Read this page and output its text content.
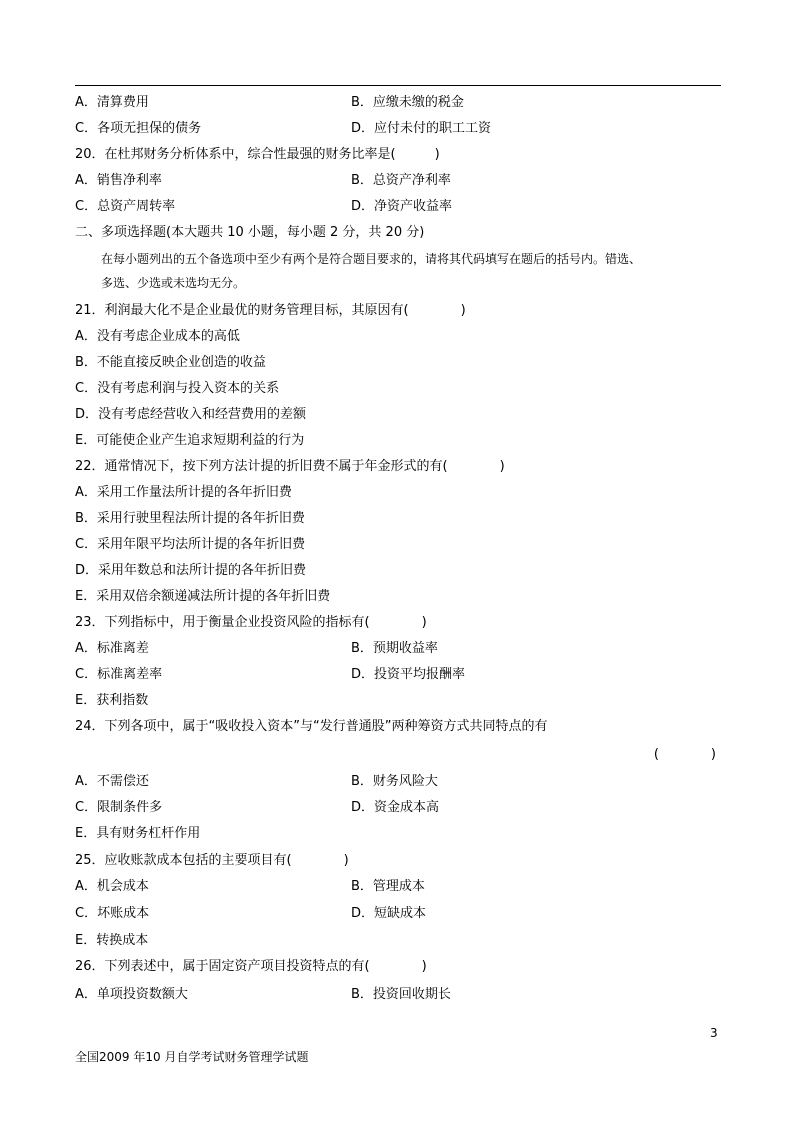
A．清算费用	B．应缴未缴的税金
C．各项无担保的债务	D．应付未付的职工工资
20．在杜邦财务分析体系中，综合性最强的财务比率是(　　　)
A．销售净利率	B．总资产净利率
C．总资产周转率	D．净资产收益率
二、多项选择题(本大题共 10 小题，每小题 2 分，共 20 分)
在每小题列出的五个备选项中至少有两个是符合题目要求的，请将其代码填写在题后的括号内。错选、
多选、少选或未选均无分。
21．利润最大化不是企业最优的财务管理目标，其原因有(　　　　)
A．没有考虑企业成本的高低
B．不能直接反映企业创造的收益
C．没有考虑利润与投入资本的关系
D．没有考虑经营收入和经营费用的差额
E．可能使企业产生追求短期利益的行为
22．通常情况下，按下列方法计提的折旧费不属于年金形式的有(　　　　)
A．采用工作量法所计提的各年折旧费
B．采用行驶里程法所计提的各年折旧费
C．采用年限平均法所计提的各年折旧费
D．采用年数总和法所计提的各年折旧费
E．采用双倍余额递减法所计提的各年折旧费
23．下列指标中，用于衡量企业投资风险的指标有(　　　　)
A．标准离差	B．预期收益率
C．标准离差率	D．投资平均报酬率
E．获利指数
24．下列各项中，属于“吸收投入资本”与“发行普通股”两种筹资方式共同特点的有
(　　　　)
A．不需偿还	B．财务风险大
C．限制条件多	D．资金成本高
E．具有财务杠杆作用
25．应收账款成本包括的主要项目有(　　　　)
A．机会成本	B．管理成本
C．坏账成本	D．短缺成本
E．转换成本
26．下列表述中，属于固定资产项目投资特点的有(　　　　)
A．单项投资数额大	B．投资回收期长
3
全国2009 年10 月自学考试财务管理学试题
